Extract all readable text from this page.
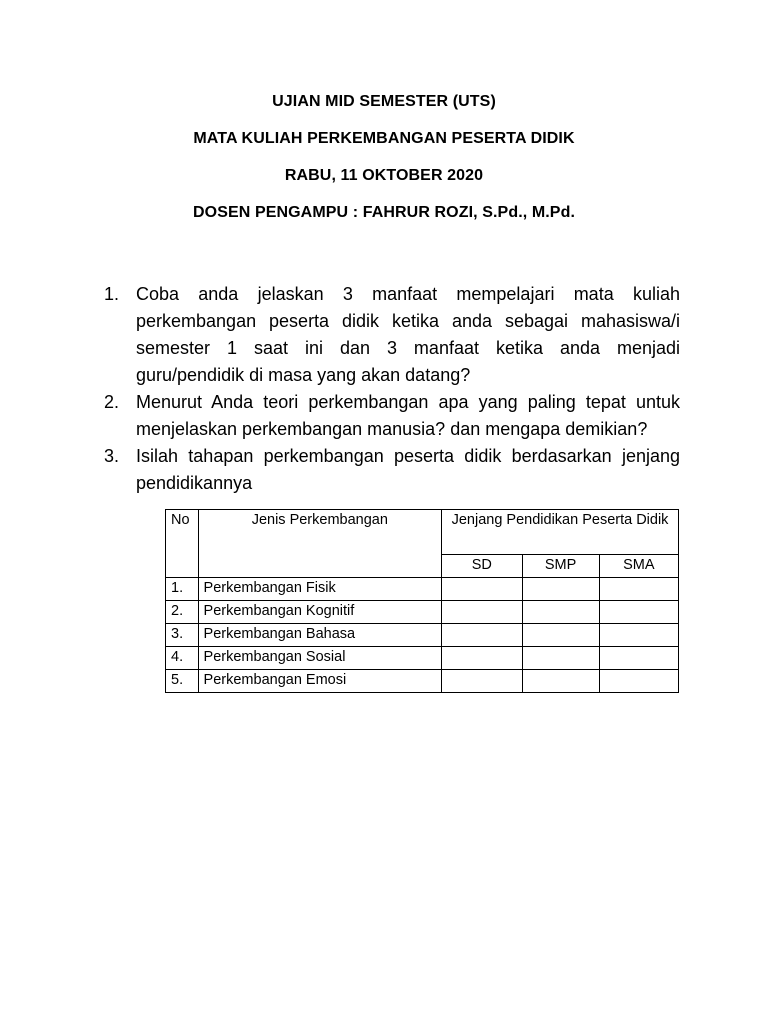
UJIAN MID SEMESTER (UTS)
MATA KULIAH PERKEMBANGAN PESERTA DIDIK
RABU, 11 OKTOBER 2020
DOSEN PENGAMPU : FAHRUR ROZI, S.Pd., M.Pd.
1. Coba anda jelaskan 3 manfaat mempelajari mata kuliah perkembangan peserta didik ketika anda sebagai mahasiswa/i semester 1 saat ini dan 3 manfaat ketika anda menjadi guru/pendidik di masa yang akan datang?
2. Menurut Anda teori perkembangan apa yang paling tepat untuk menjelaskan perkembangan manusia? dan mengapa demikian?
3. Isilah tahapan perkembangan peserta didik berdasarkan jenjang pendidikannya
No	Jenis Perkembangan	Jenjang Pendidikan Peserta Didik		
		SD	SMP	SMA
1.	Perkembangan Fisik			
2.	Perkembangan Kognitif			
3.	Perkembangan Bahasa			
4.	Perkembangan Sosial			
5.	Perkembangan Emosi			
